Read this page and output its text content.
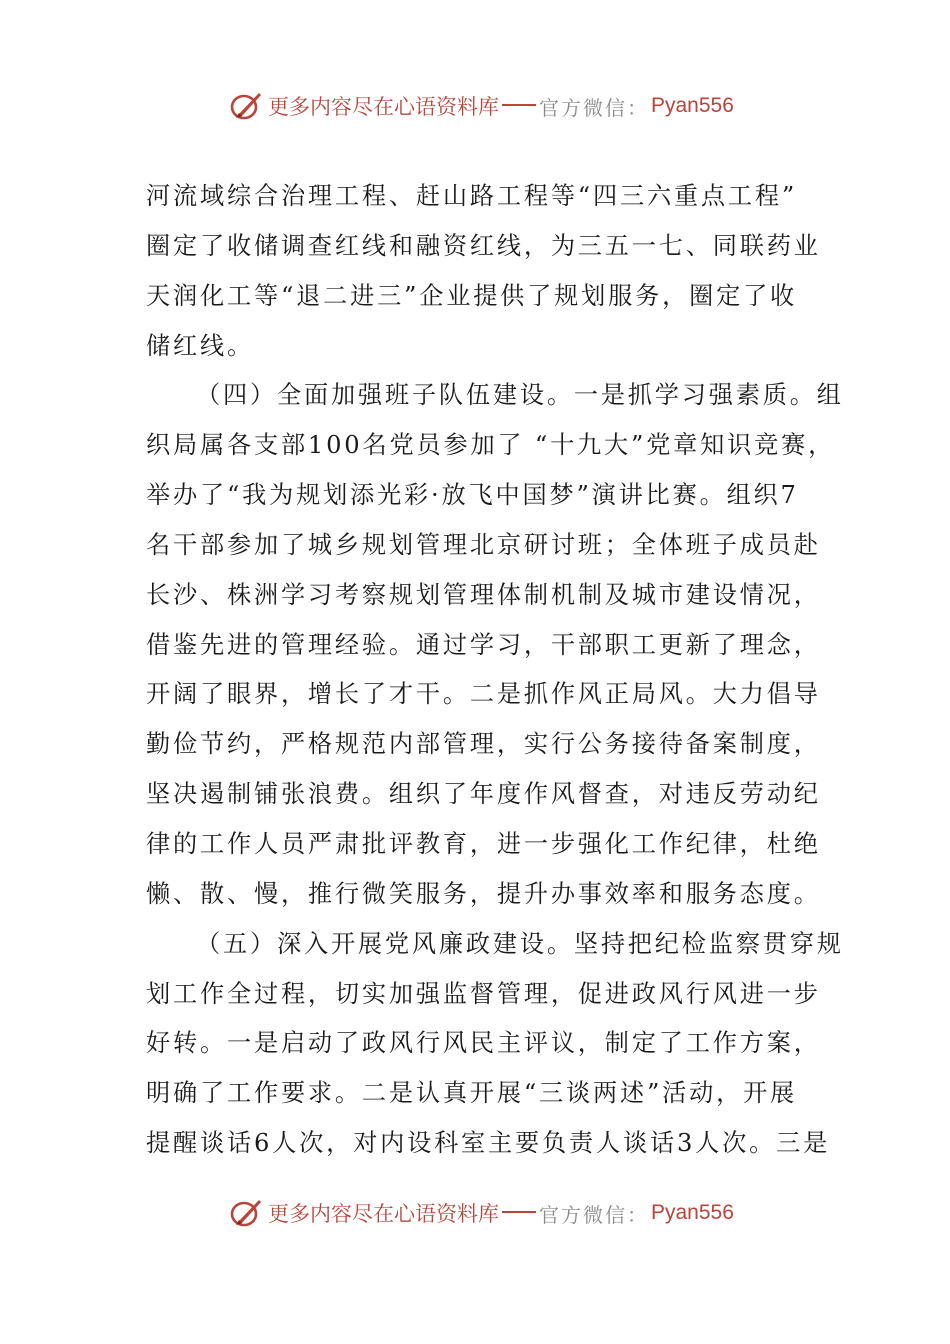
更多内容尽在心语资料库 官方微信： Pyan556
河流域综合治理工程、赶山路工程等“四三六重点工程”
圈定了收储调查红线和融资红线，为三五一七、同联药业
天润化工等“退二进三”企业提供了规划服务，圈定了收
储红线。
（四）全面加强班子队伍建设。一是抓学习强素质。组
织局属各支部100名党员参加了 “十九大”党章知识竞赛，
举办了“我为规划添光彩·放飞中国梦”演讲比赛。组织7
名干部参加了城乡规划管理北京研讨班；全体班子成员赴
长沙、株洲学习考察规划管理体制机制及城市建设情况，
借鉴先进的管理经验。通过学习，干部职工更新了理念，
开阔了眼界，增长了才干。二是抓作风正局风。大力倡导
勤俭节约，严格规范内部管理，实行公务接待备案制度，
坚决遏制铺张浪费。组织了年度作风督查，对违反劳动纪
律的工作人员严肃批评教育，进一步强化工作纪律，杜绝
懒、散、慢，推行微笑服务，提升办事效率和服务态度。
（五）深入开展党风廉政建设。坚持把纪检监察贯穿规
划工作全过程，切实加强监督管理，促进政风行风进一步
好转。一是启动了政风行风民主评议，制定了工作方案，
明确了工作要求。二是认真开展“三谈两述”活动，开展
提醒谈话6人次，对内设科室主要负责人谈话3人次。三是
更多内容尽在心语资料库 官方微信： Pyan556
